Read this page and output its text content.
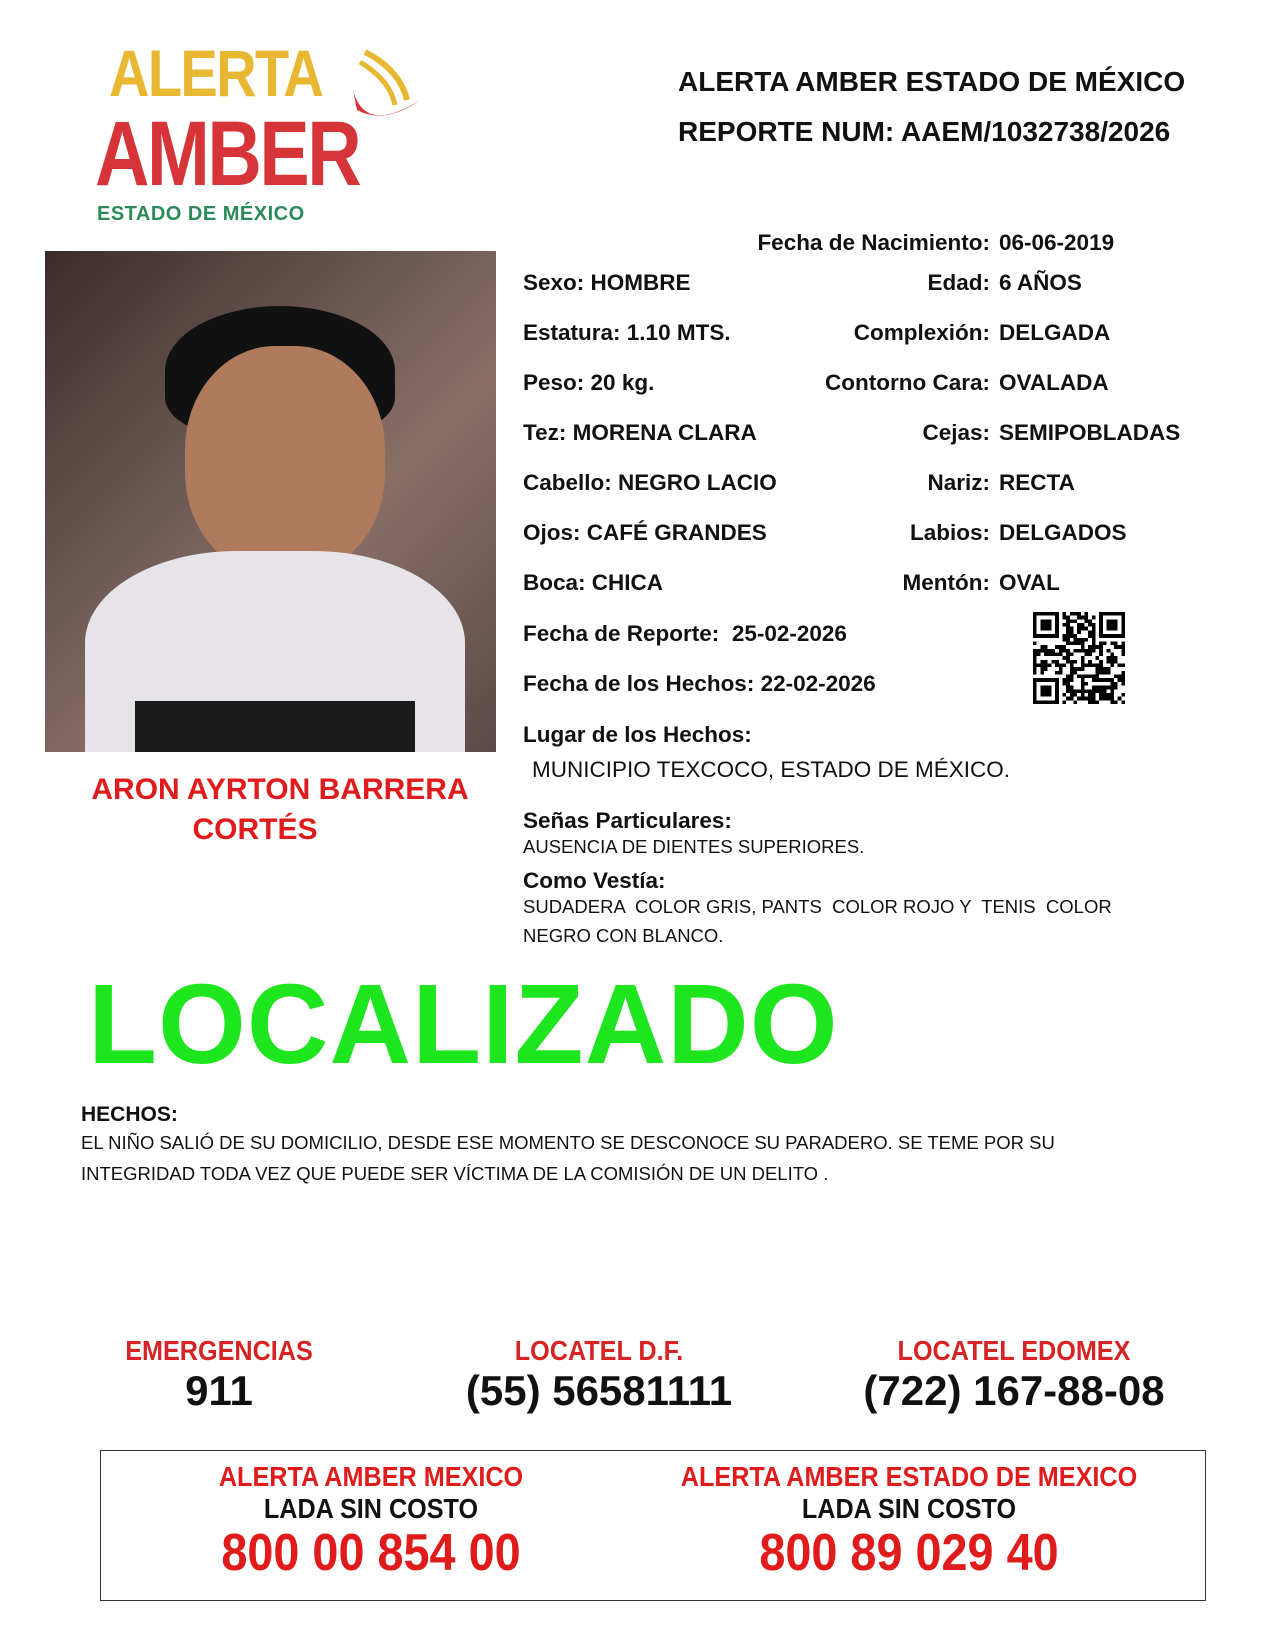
ALERTA
AMBER
ESTADO DE MÉXICO
ALERTA AMBER ESTADO DE MÉXICO
REPORTE NUM: AAEM/1032738/2026
ARON AYRTON BARRERA
CORTÉS
Fecha de Nacimiento: 06-06-2019
Sexo: HOMBRE
Estatura: 1.10 MTS.
Peso: 20 kg.
Tez: MORENA CLARA
Cabello: NEGRO LACIO
Ojos: CAFÉ GRANDES
Boca: CHICA
Edad: 6 AÑOS
Complexión: DELGADA
Contorno Cara: OVALADA
Cejas: SEMIPOBLADAS
Nariz: RECTA
Labios: DELGADOS
Mentón: OVAL
Fecha de Reporte: 25-02-2026
Fecha de los Hechos: 22-02-2026
Lugar de los Hechos:
MUNICIPIO TEXCOCO, ESTADO DE MÉXICO.
Señas Particulares:
AUSENCIA DE DIENTES SUPERIORES.
Como Vestía:
SUDADERA  COLOR GRIS, PANTS  COLOR ROJO Y  TENIS  COLOR
NEGRO CON BLANCO.
LOCALIZADO
HECHOS:
EL NIÑO SALIÓ DE SU DOMICILIO, DESDE ESE MOMENTO SE DESCONOCE SU PARADERO. SE TEME POR SU
INTEGRIDAD TODA VEZ QUE PUEDE SER VÍCTIMA DE LA COMISIÓN DE UN DELITO .
EMERGENCIAS
911
LOCATEL D.F.
(55) 56581111
LOCATEL EDOMEX
(722) 167-88-08
ALERTA AMBER MEXICO
LADA SIN COSTO
800 00 854 00
ALERTA AMBER ESTADO DE MEXICO
LADA SIN COSTO
800 89 029 40
